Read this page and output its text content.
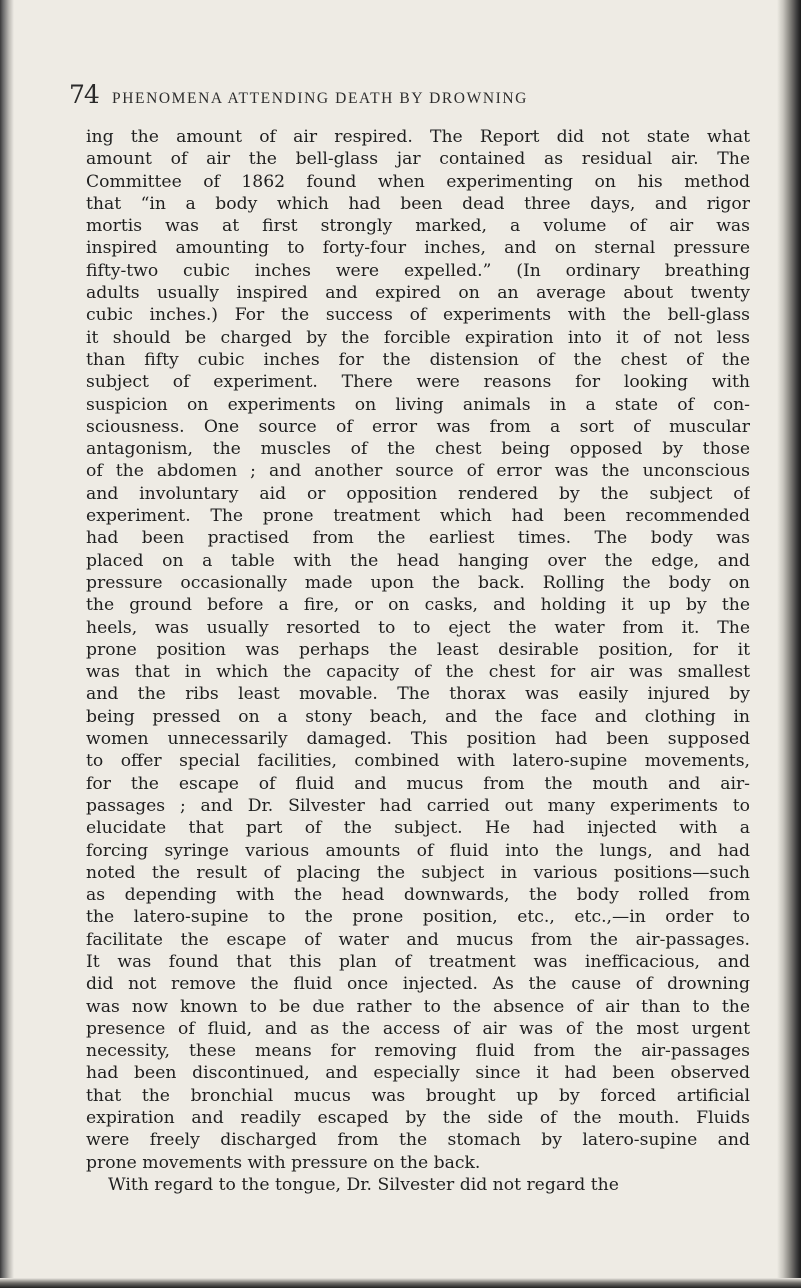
74 PHENOMENA ATTENDING DEATH BY DROWNING
ing the amount of air respired. The Report did not state what
amount of air the bell-glass jar contained as residual air. The
Committee of 1862 found when experimenting on his method
that “in a body which had been dead three days, and rigor
mortis was at first strongly marked, a volume of air was
inspired amounting to forty-four inches, and on sternal pressure
fifty-two cubic inches were expelled.” (In ordinary breathing
adults usually inspired and expired on an average about twenty
cubic inches.) For the success of experiments with the bell-glass
it should be charged by the forcible expiration into it of not less
than fifty cubic inches for the distension of the chest of the
subject of experiment. There were reasons for looking with
suspicion on experiments on living animals in a state of con-
sciousness. One source of error was from a sort of muscular
antagonism, the muscles of the chest being opposed by those
of the abdomen ; and another source of error was the unconscious
and involuntary aid or opposition rendered by the subject of
experiment. The prone treatment which had been recommended
had been practised from the earliest times. The body was
placed on a table with the head hanging over the edge, and
pressure occasionally made upon the back. Rolling the body on
the ground before a fire, or on casks, and holding it up by the
heels, was usually resorted to to eject the water from it. The
prone position was perhaps the least desirable position, for it
was that in which the capacity of the chest for air was smallest
and the ribs least movable. The thorax was easily injured by
being pressed on a stony beach, and the face and clothing in
women unnecessarily damaged. This position had been supposed
to offer special facilities, combined with latero-supine movements,
for the escape of fluid and mucus from the mouth and air-
passages ; and Dr. Silvester had carried out many experiments to
elucidate that part of the subject. He had injected with a
forcing syringe various amounts of fluid into the lungs, and had
noted the result of placing the subject in various positions—such
as depending with the head downwards, the body rolled from
the latero-supine to the prone position, etc., etc.,—in order to
facilitate the escape of water and mucus from the air-passages.
It was found that this plan of treatment was inefficacious, and
did not remove the fluid once injected. As the cause of drowning
was now known to be due rather to the absence of air than to the
presence of fluid, and as the access of air was of the most urgent
necessity, these means for removing fluid from the air-passages
had been discontinued, and especially since it had been observed
that the bronchial mucus was brought up by forced artificial
expiration and readily escaped by the side of the mouth. Fluids
were freely discharged from the stomach by latero-supine and
prone movements with pressure on the back.
With regard to the tongue, Dr. Silvester did not regard the
